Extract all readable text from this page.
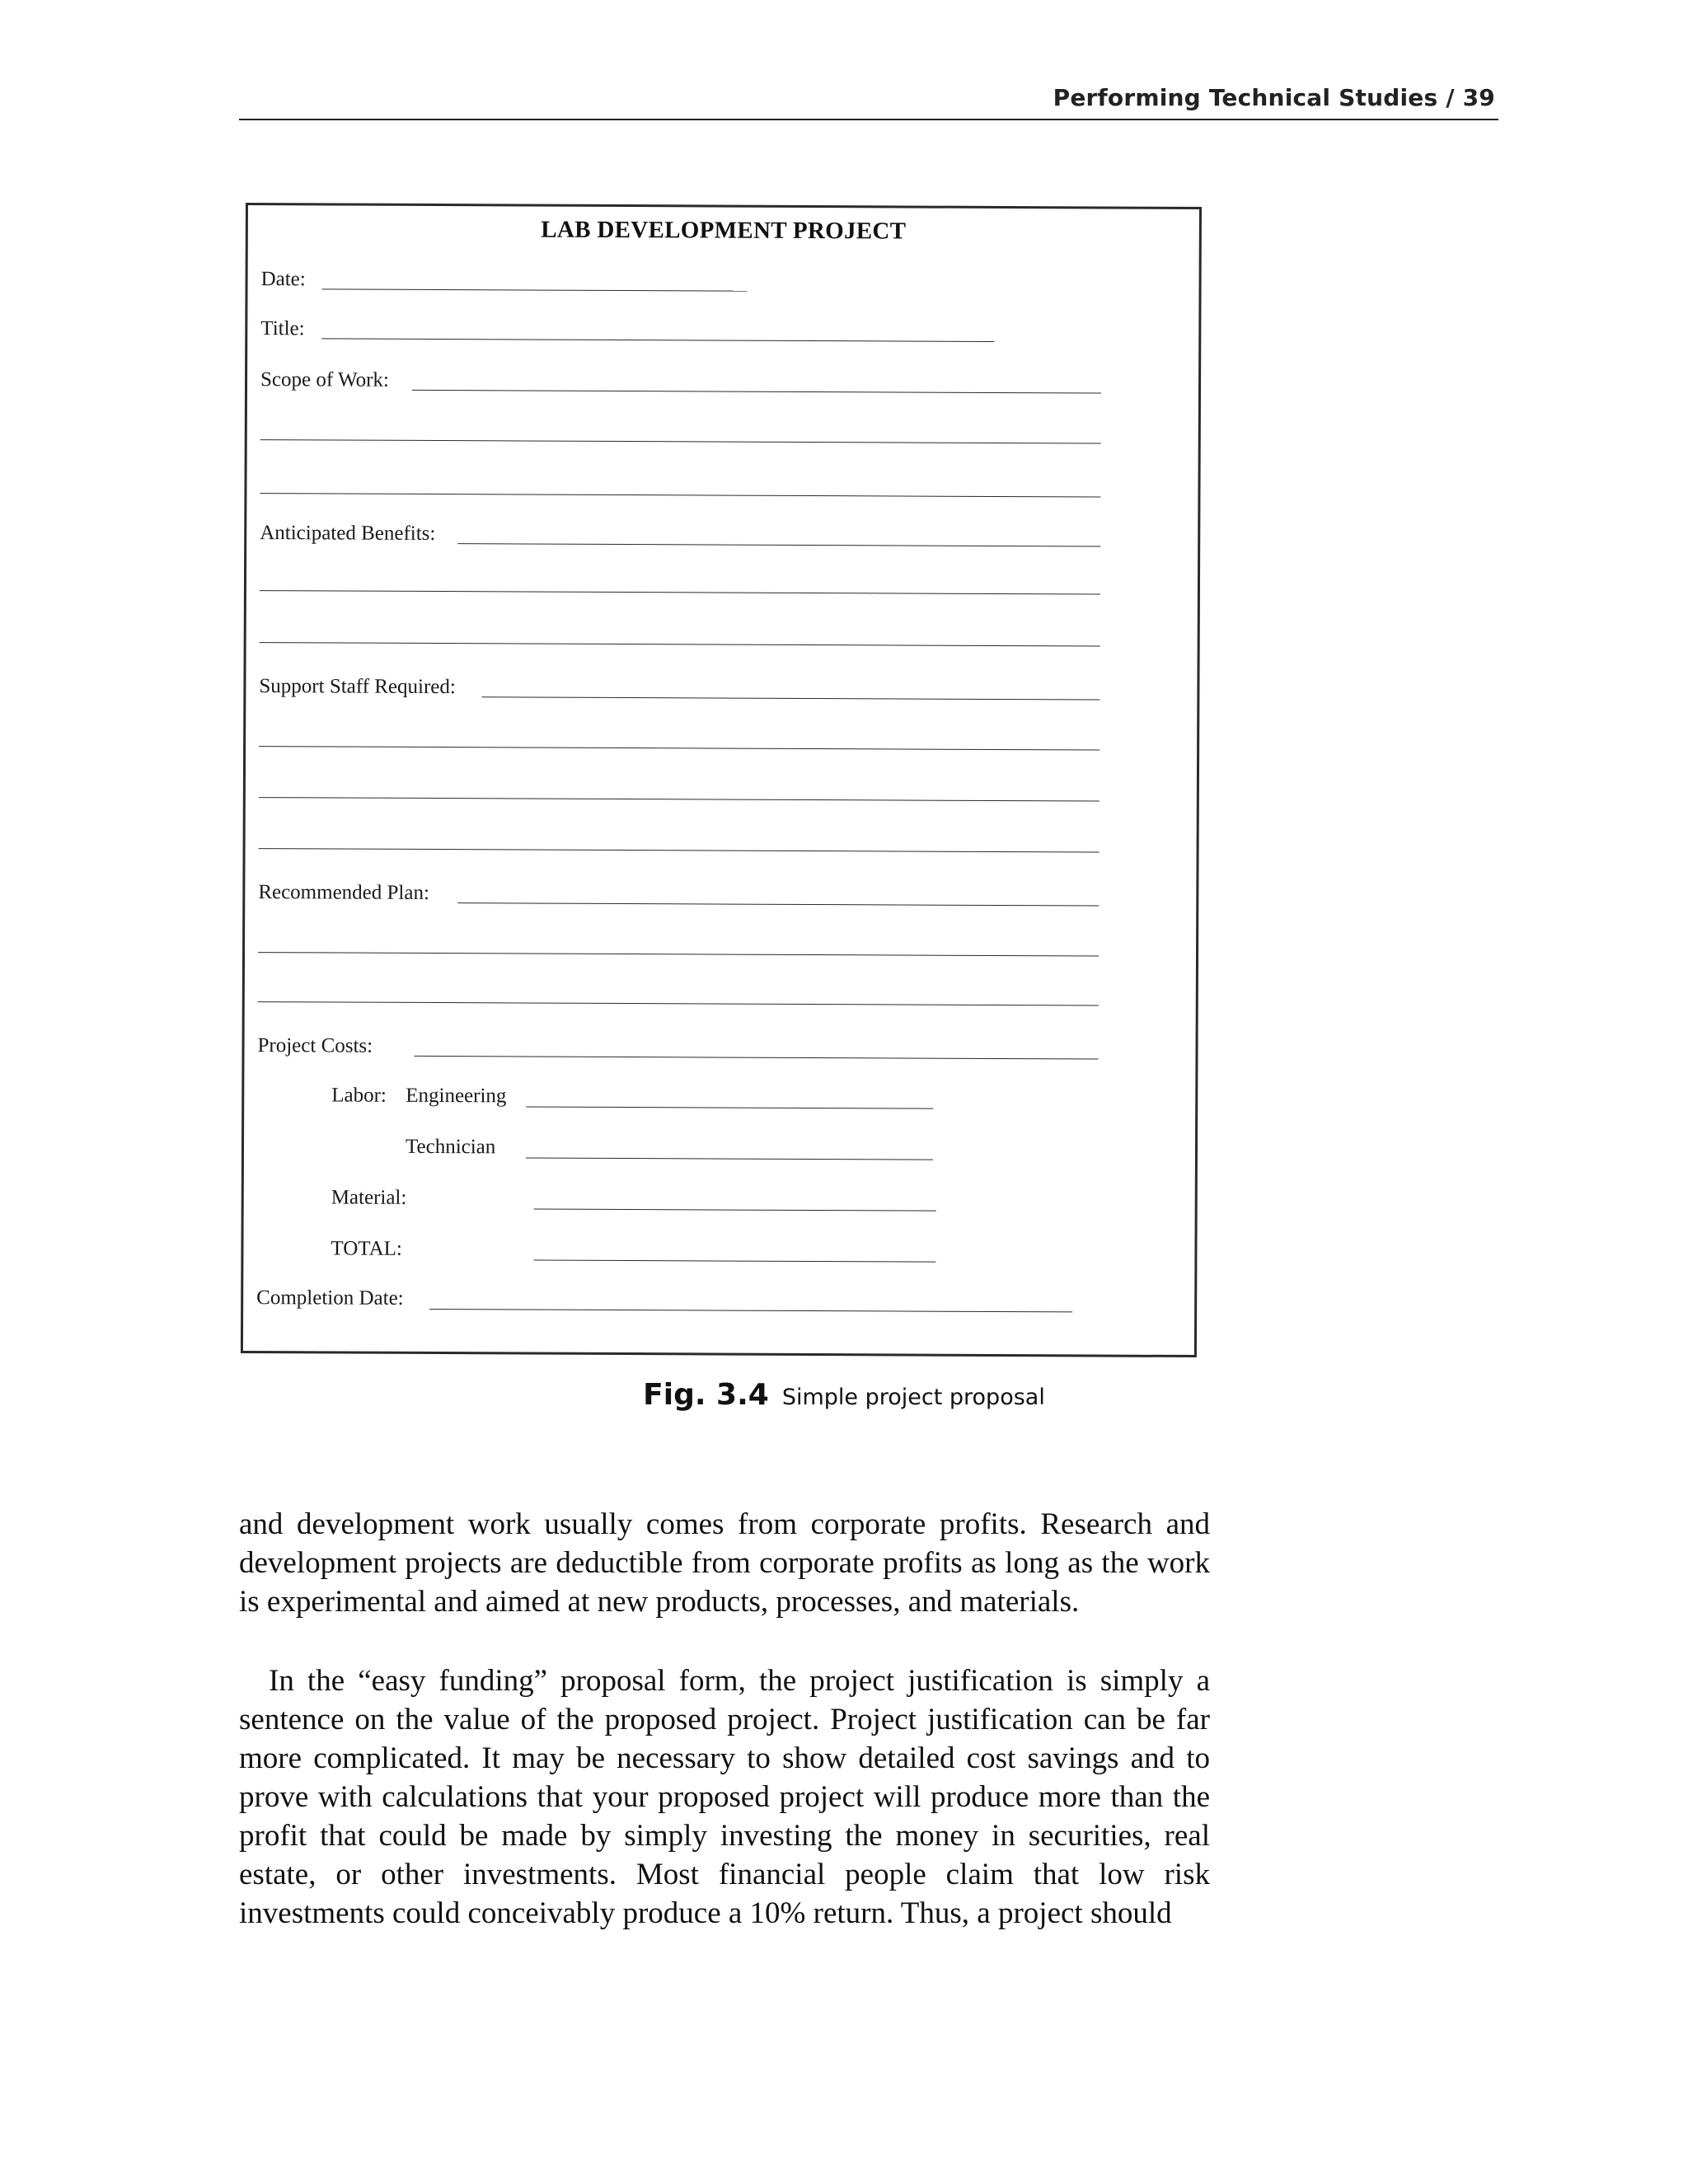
Performing Technical Studies / 39
LAB DEVELOPMENT PROJECT
Date:
Title:
Scope of Work:
Anticipated Benefits:
Support Staff Required:
Recommended Plan:
Project Costs:
Labor: Engineering
Technician
Material:
TOTAL:
Completion Date:
Fig. 3.4 Simple project proposal

and development work usually comes from corporate profits. Research and development projects are deductible from corporate profits as long as the work is experimental and aimed at new products, processes, and materials.

In the “easy funding” proposal form, the project justification is simply a sentence on the value of the proposed project. Project justification can be far more complicated. It may be necessary to show detailed cost savings and to prove with calculations that your proposed project will produce more than the profit that could be made by simply investing the money in securities, real estate, or other investments. Most financial people claim that low risk investments could conceivably produce a 10% return. Thus, a project should
